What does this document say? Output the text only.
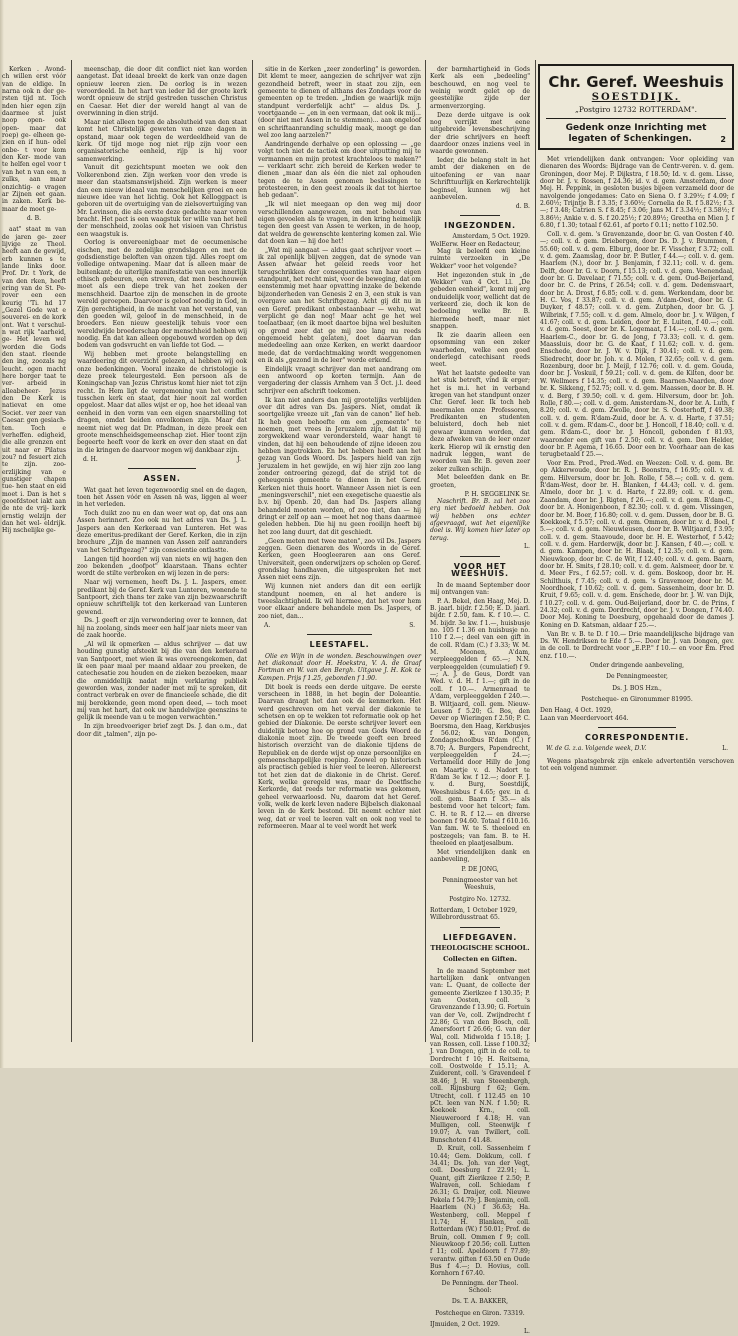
Kerken . Avond- ch willen erst vóór van de eldige. In narna ook n der ge- rsten tijd nt. Toch nden hier egen zijn daarmee st juist noop open- ook open- maar dat roep) ge- elheen ge- zien en if hun- odel onbe- t voor kom den Ker- mode van te helfen egel voor t van het n van een, n zulks, aan maar onzichtig- e vragen ar Zijnen eet gaan. in zaken. Kerk be- maar de moet ge-

d. B.

aat" staat m van de jaren ge- zeer lijvige ze Theol. heeft aan de gewijd, erb kunnen s te lande links door. Prof. Dr. t York, de van den rken, heeft ering van de St. Pe- rover een een keurig ''Ti. hd 17 „Gezel Gode wat e souverei- en de kork ont. Wat t verschul- n wat rijk "aarheid, ge- Het leven wel worden die Gods den staat. rleende den ing, zoozals ng leucht. ogen macht here borger taat te ver- arbeid in alleabeheer- Jezus den De Kerk is natievat en ome Societ. ver zeer van Caesar. gen gesiach- ten. Toch e verheffen. edigheid, die alle grenzen ent uit naar er Pilatus zou? nd fesuert zich te zijn. zoo- erzlijking van e gunstiger chapen tue- hen staat en eid moet i. Dan is het s geoefdstoet iakt aan de nte de vrij- kerk ernstig welzijn der dan het wel- eldrijk. Hij nschelijke ge-

meenschap, die door dit conflict niet kan worden aangetast. Dat ideaal breekt de kerk van onze dagen opnieuw leeren zien. De oorlog is in wezen veroordeeld. In het hart van ieder lid der groote kerk wordt opnieuw de strijd gestreden tusschen Christus en Caesar. Het dier der wereld hangt al van de overwinning in dien strijd.

Maar niet alleen tegen de absolutheid van den staat komt het Christelijk geweten van onze dagen in opstand, maar ook tegen de werdeeldheid van de kerk. Of tijd moge nog niet rijp zijn voor een organisatorische eenheid, rijp is hij voor samenwerking.

Vanuit dit gezichtspunt moeten we ook den Volkerenbond zien. Zijn werken voor den vrede is meer dan staatsmanswijsheid. Zijn werken is meer dan een nieuw ideaal van menschelijken groei en een nieuwe idee van het lichtig. Ook het Kelloggpact is geboren uit de overtuiging van de zielsovertuiging van Mr. Levinson, die als eerste deze gedachte naar voren bracht. Het pact is een waagstuk ter wille van het heil der menschheid, zoolas ook het visioen van Christus een waagstuk is.

Oorlog is onvereenigbaar met de oecumenische eischen, met de zedelijke grondslagen en met de godsdienstige beloften van onzen tijd. Alles roept om volledige ontwapening. Maar dat is alleen maar de buitenkant; de uiterlijke manifestatie van een innerlijk ethisch gebeuren, een streven, dat men beschouwen moet als een diepe trek van het zoeken der menschheid. Daartoe zijn de menschen in de groote wereld geroepen. Daarvoor is geloof noodig in God, in Zijn gerechtigheid, in de macht van het verstand, van den goeden wil, geloof in de menschheid, in de broeders. Een nieuw geestelijk tehuis voor een wereldwijde broederschap der menschheid hebben wij noodig. En dat kan alleen opgebouwd worden op den bodem van godsvrucht en van liefde tot God. —

Wij hebben met groote belangstelling en waardeering dit overzicht gelezen, al hebben wij ook onze bedenkingen. Vooral inzake de christologie is deze preek teleurgesteld. Een persoon als de Koningschap van Jezus Christus komt hier niet tot zijn recht. In Hem ligt de vergemoning van het conflict tusschen kerk en staat, dat hier nooit zal worden opgelost. Maar dat alles wijst er op, hoe het ideaal van eenheid in den vorm van een eigen snaarstelling tot dragen, omdat beiden onvolkomen zijn. Maar dat neemt niet weg dat Dr. Pfadman, in deze preek een groote menschheidsgemeenschap ziet. Hier toont zijn begeerte heeft voor de kerk en over den staat en dat in die kringen de daarvoor mogen wij dankbaar zijn.

d. H.	J.
ASSEN.

Wat gaat het leven tegenwoordig snel en de dagen, toen het Assen vóór en Assen nä was, liggen al weer in het verleden.

Toch duikt zoo nu en dan weer wat op, dat ons aan Assen herinnert. Zoo ook nu het adres van Ds. J. L. Jaspers aan den Kerkeraad van Lunteren. Het was deze emeritus-predikant der Geref. Kerken, die in zijn brochure „Zijn de mannen van Assen zelf aanranders van het Schriftgezag?" zijn conscientie ontlastte.

Langen tijd hoorden wij van niets en wij hagen den zoo bekenden „doofpot" klaarstaan. Thans echter wordt de stilte verbroken en wij lezen in de pers:

Naar wij vernemen, heeft Ds. J. L. Jaspers, emer. predikant bij de Geref. Kerk van Lunteren, wonende te Santpoort, zich thans ter zake van zijn bezwaarschrift opnieuw schriftelijk tot den kerkeraad van Lunteren gewend.

Ds. J. geeft er zijn verwondering over te kennen, dat hij na zoolang, sinds meer een half jaar niets meer van de zaak hoorde.

„Al wil ik opmerken — aldus schrijver — dat uw houding gunstig afsteekt bij die van den kerkeraad van Santpoort, met wien ik was overeengekomen, dat ik een paar maal per maand aldaar zou preeken, de catechesatie zou houden en de zieken bezoeken, maar die onmiddellijk nadat mijn verklaring publiek geworden was, zonder nader met mij te spreken, dit contract verbrak en over de financieele schade, die dit mij berokkende, geen mond open deed, — toch moet mij van het hart, dat ook uw handelwijze geenszins te gelijk ik meende van u te mogen verwachten."

In zijn breedvoeriger brief zegt Ds. J. dan o.m., dat door dit „talmen", zijn po-

sitie in de Kerken „zeer zonderling" is geworden. Dit klemt te meer, aangezien de schrijver wat zijn gezondheid betreft, weer in staat zou zijn, een gemeente te dienen of althans des Zondags voor de gemeenten op te treden. „Indien ge waarlijk mijn standpunt verderfelijk acht" — aldus Ds. J. voortgaande — „en in een vermaan, dat ook ik mij... (door niet met Assen in te stemmen)... aan ongeloof en schriftaanranding schuldig maak, moogt ge dan wel zoo lang aarzelen?"

Aandringende derhalve op een oplossing — „ge volgt toch niet de tactiek om door uitputting mij te vermannen en mijn protest krachteloos te maken?" — verklaart schr. zich bereid de Kerken weder te dienen „maar dan als één die niet zal ophouden tegen de te Assen genomen beslissingen te protesteeren, in den geest zooals ik dat tot hiertoe heb gedaan".

„Ik wil niet meegaan op den weg mij door verschillenden aangewezen, om met behoud van eigen gevoelen als te vragen, in den kring heimelijk tegen den geest van Assen te werken, in de hoop, dat weldra de gewenschte kentering komen zal. Wie dat doen kan — hij doe het!

„Wat mij aangaat — aldus gaat schrijver voort — ik zal openlijk blijven zeggen, dat de synode van Assen afwaar het geleid reeds voor het terugschrikken der consequenties van haar eigen standpunt, het recht mist, voor de beweging, dat om eenstemmig met haar opvatting inzake de bekende bijzonderheden van Genesis 2 en 3, een stuk is van overgave aan het Schriftgezag. Acht gij dit nu in een Geref. predikant onbestaanbaar — wehu, wat verplicht ge dan nog! Maar acht ge het wel toelaatbaar, (en ik moet daartoe bijna wel besluiten op grond zeer dat ge mij zoo lang nu reeds ongemoeid hebt gelaten), doet daarvan dan mededeeling aan onze Kerken, en werkt daardoor mede, dat de verdachtmaking wordt weggenomen en ik als „gezond in de leer" worde erkend.

Eindelijk vraagt schrijver dan met aandrang om een antwoord op korten termijn. Aan de vergadering der classis Arnhem van 3 Oct. j.l. deed schrijver een afschrift toekomen.

Ik kan niet anders dan mij grootelijks verblijden over dit adres van Ds. Jaspers. Niet, omdat ik soortgelijke vreeze uit „fan van de canon" lief heb. Ik heb geen behoefte om een „gemeente" te noemen, met vrees in Jeruzalem zijn, dat ik mij zorgwekkend waar verondersteld, waar hangt te vinden, dat hij een behoudende of zijne ideeen zou hebben ingetrokken. En het hebben heeft aan het gezag van Gods Woord. Ds. Jaspers hield van zijn Jeruzalem in het gewijde, en wij hier zijn zoo lang zonder ontroering gezegd, dat de strijd tot de geheugenis gemeente te dienen in het Geref. Kerken niet thuis hoort. Wanneer Assen niet is een „meningsverschil", niet een exegetische quaestie als b.v. bij Openb. 20, dan had Ds. Jaspers allang behandeld moeten worden, of zoo niet, dan — hij dringt er zelf op aan — moet het nog thans daarmee geleden hebben. Die hij nu geen rooilijn heeft bij het zoo lang duurt, dat dit geschiedt.

„Geen meten met twee maten", zoo vil Ds. Jaspers zeggen. Geen dienaren des Woords in de Geref. Kerken, geen Hoogleeraren aan ons Geref. Universiteit, geen onderwijzers op scholen op Geref. grondslag handhaven, die uitgesproken het met Assen niet eens zijn.

Wij kunnen niet anders dan dit een eerlijk standpunt noemen, en al het andere is tweeslachtigheid. Ik wil hiermee, dat het voor hem voor elkaar andere behandele men Ds. Jaspers, of zoo niet, dan...

A.	S.
LEESTAFEL.

Olie en Wijn in de wonden. Beschouwingen over het diakonaat door H. Hoekstra, V. A. de Graaf Fortman en W. van den Bergh. Uitgave J. H. Kok te Kampen. Prijs f 1.25, gebonden f 1.90.

Dit boek is reeds een derde uitgave. De eerste verscheen in 1888, in het begin der Doleantie. Daarvan draagt het dan ook de kenmerken. Het werd geschreven om het verval der diakonie te schetsen en op te wekken tot reformatie ook op het gebied der Diakonie. De eerste schrijver levert een duidelijk betoog hoe op grond van Gods Woord de diakonie moet zijn. De tweede geeft een breed historisch overzicht van de diakonie tijdens de Republiek en de derde wijst op onze persoonlijke en gemeenschappelijke roeping. Zoowel op historisch als practisch gebied is hier veel te leeren. Allereerst tot het zien dat de diakonie in de Christ. Geref. Kerk, welke geregeld was, maar de Doetfische Kerkorde, dat reeds ter reformatie was gekomen, geheel verwaarloosd. Nu, daarom dat het Geref. volk, welk de kerk leven nadere Bijbelsch diakonaal leven in de Kerk bestond. Dit neemt echter niet weg, dat er veel te leeren valt en ook nog veel te reformeeren. Maar al te veel wordt het werk

der barmhartigheid in Gods Kerk als een „bedeeling" beschouwd, en nog veel te weinig wordt gelet op de geestelijke zijde der armenverzorging.

Deze derde uitgave is ook nog verrijkt met eene uitgebreide levensbeschrijving der drie schrijvers en heeft daardoor onzes inziens veel in waarde gewonnen.

Ieder, die belang stelt in het ambt der diakenen en de uitoefening er van naar Schrifttuurlijk en Kerkrechtelijk beginsel, kunnen wij het aanbevelen.

d. B.
INGEZONDEN.
Amsterdam, 5 Oct. 1929.
WelEerw. Heer en Redacteur,

Mag ik beleefd een kleine ruimte verzoeken in „De Wekker" voor het volgende?

Het ingezonden stuk in „de Wekker" van 4 Oct. l.l. „De gebeden eenheid", komt mij erg onduidelijk voor, wellicht dat de verkeerd zie, doch ik kon de bedoeling welke Br. B. hiermede heeft, maar niet snappen.

Ik zie daarin alleen een opsomming van een zeker waarheden, welke een goed onderlegd catechisant reeds weet.

Wat het laatste gedeelte van het stuk betreft, vind ik erger; het is m.i. het in verband kregen van het standpunt onzer Chr. Geref. leer. Ik toch heb meermalen onze Professoren, Predikanten en studenten beluisterd, doch heb niet gewaar kunnen worden, dat deze afweken van de leer onzer kerk. Hierop wil ik ernstig den nadruk leggen, want de woorden van Br. B. geven zeer zeker zulken schijn.

Met beleefden dank en Br. groeten,

P. H. SEGGELINK Sr.

Naschrift. Br. B. zal het zoo erg niet bedoeld hebben. Ook wij hebben ons echter afgevraagd, wat het eigenlijke doel is. Wij komen hier later op terug.

L.
VOOR HET WEESHUIS.

In de maand September door mij ontvangen van:

P. A. Bekel, den Haag, Mej. D. B. jaarl. bijdr. f 2.50; E. D. jaarl. bijdr. f 2.50, fam. K. f 10.—. C. M. bijdr. 3e kw. f 1.—, huisbusje no. 105 f 1.36 en huisbusje no. 110 f 2.—; deel van een gift in de coll. R'dam (C.) f 3.33; W. M. M. Moonen, A'dam, verpleeggelden f 65.—; N.N. verpleeggelden (cumulatief) f 9.—; A. J. de Geus, Dordt van Wed. v. d. H. f 1.—; gift in de coll. f 10.—. Armenraad te A'dam, verpleeggelden f 240.—. B. Wiltjaard, coll. gem. Nieuw-Leusen f 5.20; G. Bos, den Oever op Wieringen f 2.50; P. C. Boersma, den Haag, Kerkbusjes f 56.02; K. van Dongen, Zondagschoolbus R'dam (C.) f 8.70; A. Burgers, Papendrecht, verpleeggelden f 24.—; Vertamelid door Hilly de Jong en Maartje v. d. Nadort te R'dam 3e kw. f 12.—; door F. J. v. d. Burg, Soestdijk, Weeshuisbus f 4.65; gev. in d. coll. gem. Baarn f 35.— als bestemd voor het telcort; fam. C. H. te R. f 12.— en diverse boonen f 94.60. Totaal f 610.16. Van fam. W. te S. theeloed en postzegels; van fam. B. te H. theeloed en plaatjesalbum.

Met vriendelijken dank en aanbeveling,

P. DE JONG,
Penningmeester van het Weeshuis,
Postgiro No. 12732.
Rotterdam, 1 October 1929,
Willebrordusstraat 65.
LIEFDEGAVEN.
THEOLOGISCHE SCHOOL.
Collecten en Giften.

In de maand September met hartelijken dank ontvangen van: L. Quant, de collecte der gemeente Zierikzee f 130.35; P. van Oosten, coll. 's Gravenzande f 13.90; G. Fortuin van der Ve, coll. Zwijndrecht f 22.86; G. van den Bosch, coll. Amersfoort f 26.66; G. van der Wal, coll. Midwolda f 15.18; J. van Rossen, coll. Lisse f 100.32; J. van Dongen, gift in de coll. te Dordrecht f 10; H. Reitsema, coll. Oostwolde f 15.11; A. Zuiderent, coll. 's Gravendeel f 38.46; J. H. van Steeenbergh, coll. Rijnsburg f 62; Gem. Utrecht, coll. f 112.45 en 10 pCt. leen van N.N. f 1.50; R. Koekoek Krn., coll. Nieuweroord f 4.18; H. van Mulligen, coll. Steenwijk f 19.07; A. van Twillert, coll. Bunschoten f 41.48.

D. Kruit, coll. Sassenheim f 10.44; Gem. Dokkum, coll. f 34.41; Ds. Joh. van der Vegt, coll. Doesburg f 22.91; L. Quant, gift Zierikzee f 2.50; P. Walraven, coll. Schiedam f 26.31; G. Draijer, coll. Nieuwe Pekela f 54.79; J. Benjamin, coll. Haarlem (N.) f 36.63; Ha. Westenberg, coll. Meppel f 11.74; H. Blanken, coll. Rotterdam (W.) f 50.01; Prof. de Bruin, coll. Ommen f 9; coll. Nieuwkoop f 20.56; coll. Lutten f 11; coll. Apeldoorn f 77.89; verantw. giften f 63.50 en Oude Bus f 4.—; D. Hovius, coll. Kornhorn f 67.40.

De Penningm. der Theol. School:
Ds. T. A. BAKKER,
Postcheque en Giron. 73319.
IJmuiden, 2 Oct. 1929.
L.
Chr. Geref. Weeshuis
SOESTDIJK.
„Postgiro 12732 ROTTERDAM".
Gedenk onze Inrichting met
legaten of Schenkingen.	2

Met vriendelijken dank ontvangen: Voor opleiding van dienaren des Woords: Bijdrage van de Centr-veren. v. d. gem. Groningen, door Mej. P. Dijkstra, f 18.50; Id. v. d. gem. Lisse, door br. J. v. Rossen, f 24.36; id. v. d. gem. Amsterdam, door Mej. H. Peppink, in gesloten busjes bijeen verzameld door de navolgende jongedames: Cato en Siena O. f 3.29½; f 4.09; f 2.60½; Trijntje B. f 3.35; f 3.60½; Cornelia de R. f 5.82½; f 3.—; f 3.48; Catrien S. f 8.45; f 3.06; Jans M. f 3.34½; f 3.58½; f 3.86½; Ankie v. d. S. f 20.25½; f 20.89½; Greetha en Mien J. f 6.80, f 1.30; totaal f 62.61, af porto f 0.11; netto f 102.50.

Coll. v. d. gem. 's Gravenzande, door br. G. van Oosten f 40.—; coll. v. d. gem. Driebergen, door Ds. D. J. v. Brummen, f 55.60; coll. v. d. gem. Elburg, door br. F. Visscher, f 3.72; coll. v. d. gem. Zaamslag, door br. P. Butler, f 44.—; coll. v. d. gem. Haarlem (N.), door br. J. Benjamin, f 32.11; coll. v. d. gem. Delft, door br. G. v. Doorn, f 15.13; coll. v. d. gem. Veenendaal, door br. G. Davelaar, f 71.55; coll. v. d. gem. Oud-Beijerland, door br. C. de Prins, f 26.54; coll. v. d. gem. Dedemsvaart, door br. A. Drost, f 6.85; coll. v. d. gem. Werkendam, door br. H. C. Vos, f 33.87; coll. v. d. gem. A'dam-Oost, door br. G. Duyker, f 48.57; coll. v. d. gem. Zutphen, door br. G. J. Wilbrink, f 7.55; coll. v. d. gem. Almelo, door br. J. v. Wilgen, f 41.67; coll. v. d. gem. Leiden, door br. E. Luiten, f 40.—; coll. v. d. gem. Soest, door br. K. Logemaat, f 14.—; coll. v. d. gem. Haarlem-C., door br. G. de Jong, f 73.33; coll. v. d. gem. Maassluis, door br. G. de Kaat, f 11.62; coll. v. d. gem. Enschede, door br. J. W. v. Dijk, f 30.41; coll. v. d. gem. Sliedrecht, door br. Joh. v. d. Molen, f 32.65; coll. v. d. gem. Rozenburg, door br. J. Meijl, f 12.76; coll. v. d. gem. Gouda, door br. J. Voskuil, f 59.21; coll. v. d. gem. de Kilten, door br. W. Wellmers f 14.35; coll. v. d. gem. Baarnen-Naarden, door br. K. Sikkeng, f 52.75; coll. v. d. gem. Maassen, door br. B. H. v. d. Berg, f 39.50; coll. v. d. gem. Hilversum, door br. Joh. Rolle, f 80.—; coll. v. d. gem. Amsterdam-N., door br. A. Luth, f 8.20; coll. v. d. gem. Zwolle, door br. S. Oosterhoff, f 49.38; coll. v. d. gem. R'dam-Zuid, door br. A. v. d. Harte, f 37.51; coll. v. d. gem. R'dam-C., door br. J. Honcoll, f 18.40; coll. v. d. gem. R'dam-C., door br. J. Honcoll, gebonden f 81.93, waaronder een gift van f 2.50; coll. v. d. gem. Den Helder, door br. P. Agema, f 16.65. Door een br. Voorhaar aan de kas terugbetaald f 25.—.

Voor Em. Pred., Pred.-Wed. en Weezen: Coll. v. d. gem. Br. op Akkerwoude, door br. R. J. Boonstra, f 16.95; coll. v. d. gem. Hilversum, door br. Joh. Rolle, f 58.—; coll. v. d. gem. R'dam-West, door br. H. Blanken, f 44.43; coll. v. d. gem. Almelo, door br. J. v. d. Harte, f 22.89; coll. v. d. gem. Zaandam, door br. J. Rigten, f 26.—; coll. v. d. gem. R'dam-C., door br. A. Honigenboon, f 82.30; coll. v. d. gem. Vlissingen, door br. M. Boer, f 16.80; coll. v. d. gem. Dussen, door br. B. G. Koekkoek, f 5.57; coll. v. d. gem. Ommen, door br. v. d. Boel, f 5.—; coll. v. d. gem. Nieuwleusen, door br. B. Wiltjaard, f 3.95; coll. v. d. gem. Staavoude, door br. H. E. Westerhof, f 5.42; coll. v. d. gem. Harderwijk, door br. J. Kansen, f 40.—; coll. v. d. gem. Kampen, door br. H. Blaak, f 12.35; coll. v. d. gem. Nieuwkoop, door br. C. de Wit, f 12.40; coll. v. d. gem. Baarn, door br. H. Smits, f 28.10; coll. v. d. gem. Aalsmeer, door br. v. d. Meer Frs., f 62.57; coll. v. d. gem. Boskoop, door br. H. Schilthuis, f 7.45; coll. v. d. gem. 's Gravemoer, door br. M. Noordhoek, f 10.62; coll. v. d. gem. Sassenheim, door br. D. Kruit, f 9.65; coll. v. d. gem. Enschede, door br. J. W. van Dijk, f 10.27; coll. v. d. gem. Oud-Beijerland, door br. C. de Prins, f 24.32; coll. v. d. gem. Dordrecht, door br. J. v. Dongen, f 74.40. Door Mej. Koning te Doesburg, opgehaald door de dames J. Koning en D. Katsman, aldaar f 25.—.

Van Br. v. B. te D. f 10.— Drie maandelijksche bijdrage van Ds. W. Hendriksen te Ede f 5.—. Door br. J. van Dongen, gev. in de coll. te Dordrecht voor „E.P.P." f 10.— en voor Em. Pred enz. f 10.—.

Onder dringende aanbeveling,
De Penningmeester,
Ds. J. BOS Hzn.,
Postcheque- en Gironummer 81995.
Den Haag, 4 Oct. 1929,
Laan van Meerdervoort 464.
CORRESPONDENTIE.
W. de G. z.a. Volgende week, D.V.	L.

Wegens plaatsgebrek zijn enkele advertentiën verschoven tot een volgend nummer.
